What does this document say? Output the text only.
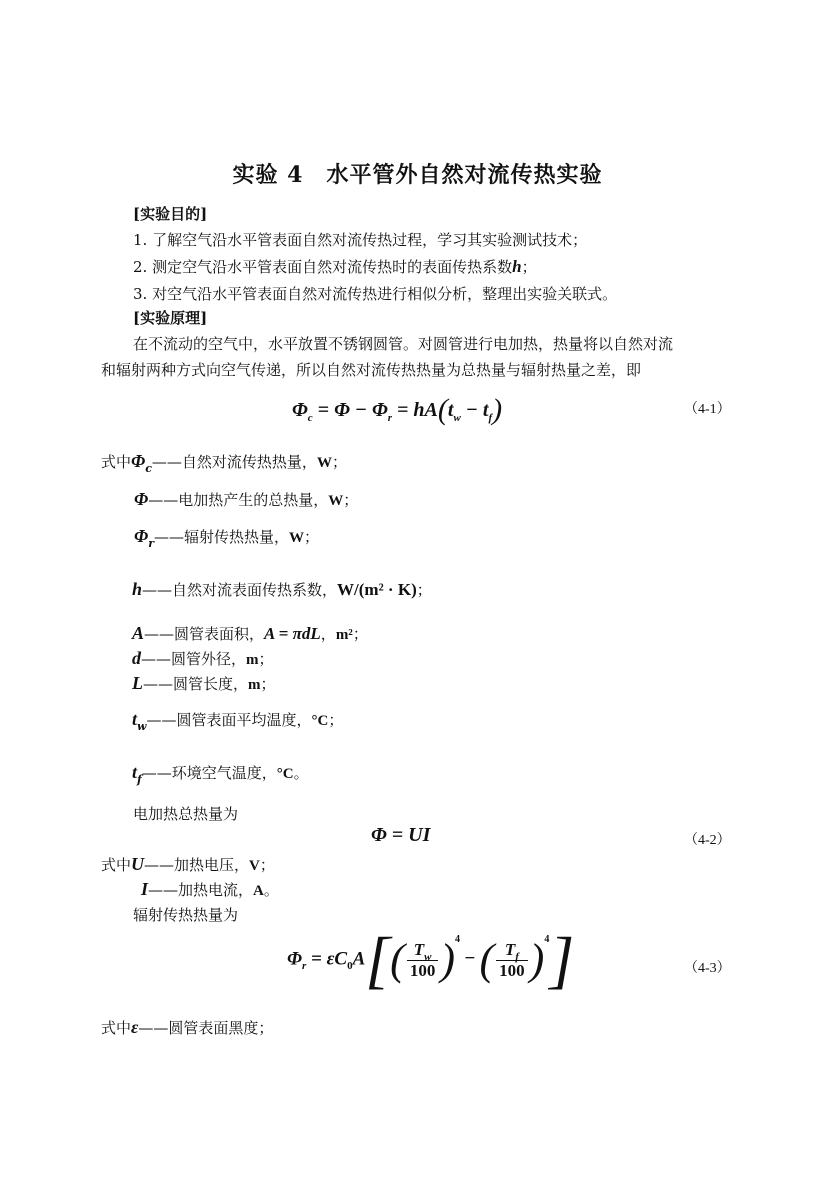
实验 4　水平管外自然对流传热实验
[实验目的]
1. 了解空气沿水平管表面自然对流传热过程，学习其实验测试技术；
2. 测定空气沿水平管表面自然对流传热时的表面传热系数h；
3. 对空气沿水平管表面自然对流传热进行相似分析，整理出实验关联式。
[实验原理]
在不流动的空气中，水平放置不锈钢圆管。对圆管进行电加热，热量将以自然对流
和辐射两种方式向空气传递，所以自然对流传热热量为总热量与辐射热量之差，即
$\Phi_c = \Phi - \Phi_r = hA(t_w - t_f)$	（4-1）
式中$\Phi_c——$自然对流传热热量，W；
Φ——电加热产生的总热量，W；
$\Phi_r——$辐射传热热量，W；
h——自然对流表面传热系数，W/(m² · K)；
A——圆管表面积，A = πdL，m²；
d——圆管外径，m；
L——圆管长度，m；
$t_w——$圆管表面平均温度，°C；
$t_f——$环境空气温度，°C。
电加热总热量为
Φ = UI	（4-2）
式中U——加热电压，V；
I——加热电流，A。
辐射传热热量为
$\Phi_r = \varepsilon C_0A[( \frac{T_w}{100} )^4-( \frac{T_f}{100} )^4]$	（4-3）
式中ε——圆管表面黑度；
